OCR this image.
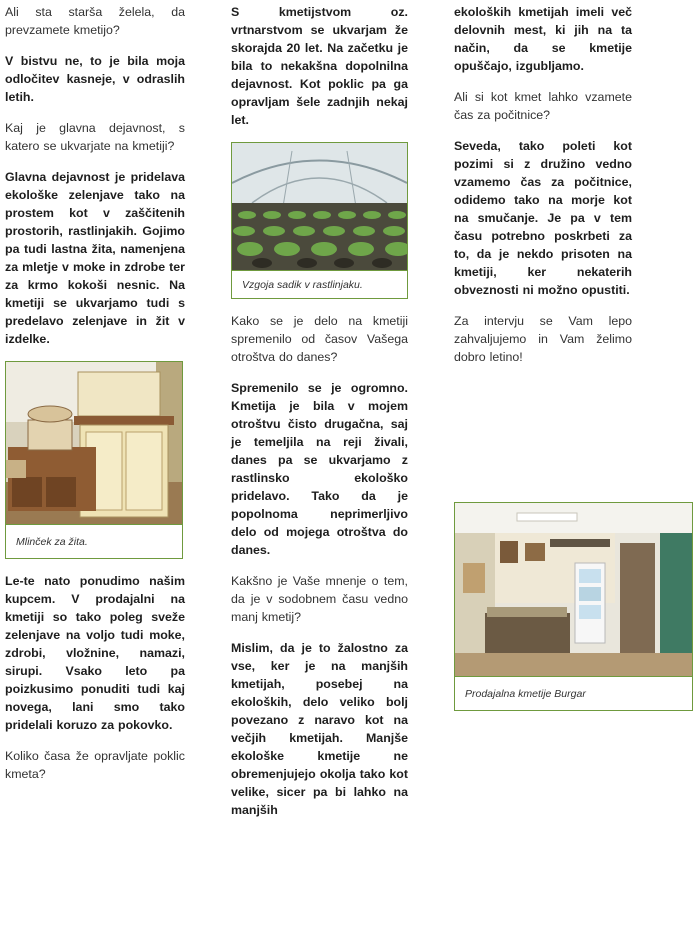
Ali sta starša želela, da prevzamete kmetijo?

V bistvu ne, to je bila moja odločitev kasneje, v odraslih letih.

Kaj je glavna dejavnost, s katero se ukvarjate na kmetiji?

Glavna dejavnost je pridelava ekološke zelenjave tako na prostem kot v zaščitenih prostorih, rastlinjakih. Gojimo pa tudi lastna žita, namenjena za mletje v moke in zdrobe ter za krmo kokoši nesnic. Na kmetiji se ukvarjamo tudi s predelavo zelenjave in žit v izdelke.

Mlinček za žita.

Le-te nato ponudimo našim kupcem. V prodajalni na kmetiji so tako poleg sveže zelenjave na voljo tudi moke, zdrobi, vložnine, namazi, sirupi. Vsako leto pa poizkusimo ponuditi tudi kaj novega, lani smo tako pridelali koruzo za pokovko.

Koliko časa že opravljate poklic kmeta?

S kmetijstvom oz. vrtnarstvom se ukvarjam že skorajda 20 let. Na začetku je bila to nekakšna dopolnilna dejavnost. Kot poklic pa ga opravljam šele zadnjih nekaj let.

Vzgoja sadik v rastlinjaku.

Kako se je delo na kmetiji spremenilo od časov Vašega otroštva do danes?

Spremenilo se je ogromno. Kmetija je bila v mojem otroštvu čisto drugačna, saj je temeljila na reji živali, danes pa se ukvarjamo z rastlinsko ekološko pridelavo. Tako da je popolnoma neprimerljivo delo od mojega otroštva do danes.

Kakšno je Vaše mnenje o tem, da je v sodobnem času vedno manj kmetij?

Mislim, da je to žalostno za vse, ker je na manjših kmetijah, posebej na ekoloških, delo veliko bolj povezano z naravo kot na večjih kmetijah. Manjše ekološke kmetije ne obremenjujejo okolja tako kot velike, sicer pa bi lahko na manjših

ekoloških kmetijah imeli več delovnih mest, ki jih na ta način, da se kmetije opuščajo, izgubljamo.

Ali si kot kmet lahko vzamete čas za počitnice?

Seveda, tako poleti kot pozimi si z družino vedno vzamemo čas za počitnice, odidemo tako na morje kot na smučanje. Je pa v tem času potrebno poskrbeti za to, da je nekdo prisoten na kmetiji, ker nekaterih obveznosti ni možno opustiti.

Za intervju se Vam lepo zahvaljujemo in Vam želimo dobro letino!

Prodajalna kmetije Burgar
